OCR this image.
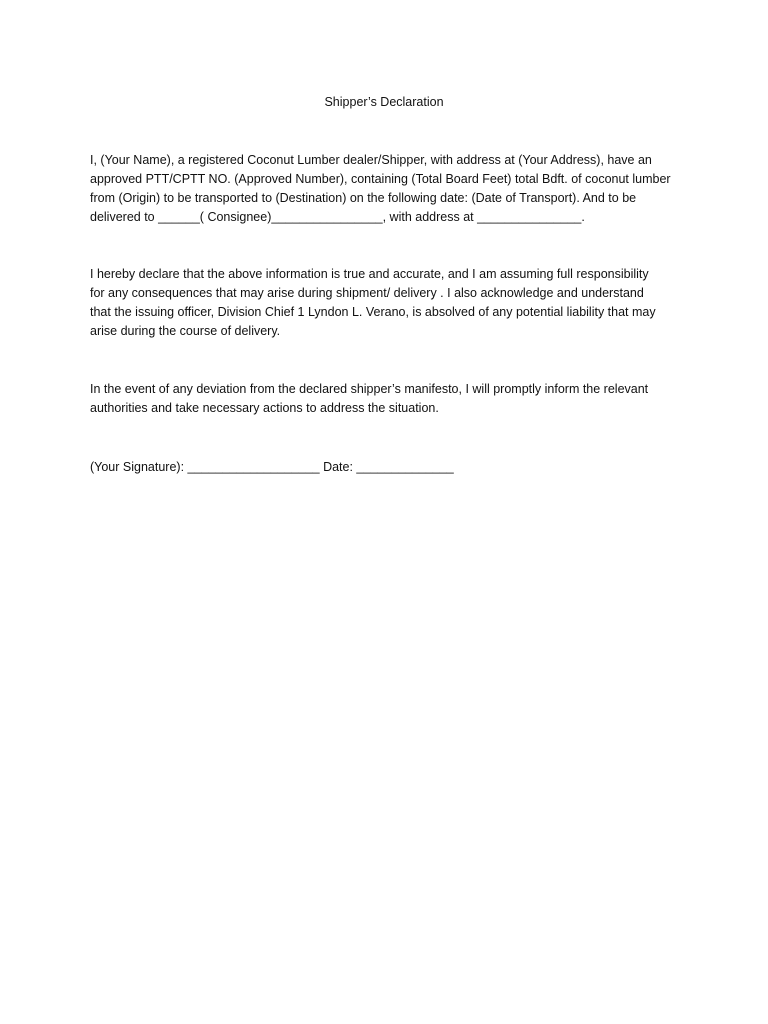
Shipper’s Declaration
I, (Your Name), a registered Coconut Lumber dealer/Shipper, with address at (Your Address), have an
approved PTT/CPTT NO. (Approved Number), containing (Total Board Feet) total Bdft. of coconut lumber
from (Origin) to be transported to (Destination) on the following date: (Date of Transport). And to be
delivered to ______( Consignee)________________, with address at _______________.
I hereby declare that the above information is true and accurate, and I am assuming full responsibility
for any consequences that may arise during shipment/ delivery . I also acknowledge and understand
that the issuing officer, Division Chief 1 Lyndon L. Verano, is absolved of any potential liability that may
arise during the course of delivery.
In the event of any deviation from the declared shipper’s manifesto, I will promptly inform the relevant
authorities and take necessary actions to address the situation.
(Your Signature): ___________________ Date: ______________
